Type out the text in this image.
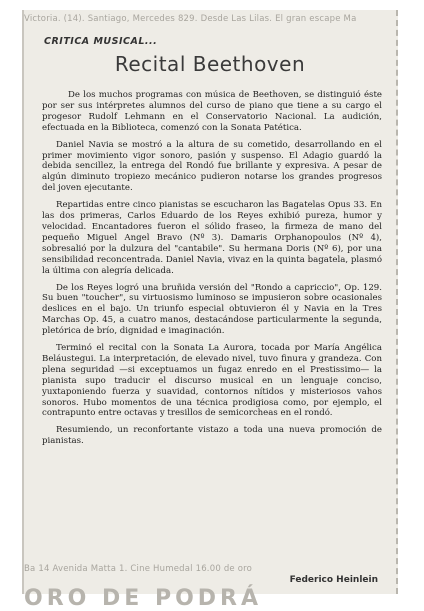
Victoria. (14). Santiago, Mercedes 829. Desde Las Lilas. El gran escape Ma
CRITICA MUSICAL...
Recital Beethoven

De los muchos programas con música de Beethoven, se distinguió éste por ser sus intérpretes alumnos del curso de piano que tiene a su cargo el progesor Rudolf Lehmann en el Conservatorio Nacional. La audición, efectuada en la Biblioteca, comenzó con la Sonata Patética.

Daniel Navia se mostró a la altura de su cometido, desarrollando en el primer movimiento vigor sonoro, pasión y suspenso. El Adagio guardó la debida sencillez, la entrega del Rondó fue brillante y expresiva. A pesar de algún diminuto tropiezo mecánico pudieron notarse los grandes progresos del joven ejecutante.

Repartidas entre cinco pianistas se escucharon las Bagatelas Opus 33. En las dos primeras, Carlos Eduardo de los Reyes exhibió pureza, humor y velocidad. Encantadores fueron el sólido fraseo, la firmeza de mano del pequeño Miguel Angel Bravo (Nº 3). Damaris Orphanopoulos (Nº 4), sobresalió por la dulzura del "cantabile". Su hermana Doris (Nº 6), por una sensibilidad reconcentrada. Daniel Navia, vivaz en la quinta bagatela, plasmó la última con alegría delicada.

De los Reyes logró una bruñida versión del "Rondo a capriccio", Op. 129. Su buen "toucher", su virtuosismo luminoso se impusieron sobre ocasionales deslices en el bajo. Un triunfo especial obtuvieron él y Navia en la Tres Marchas Op. 45, a cuatro manos, destacándose particularmente la segunda, pletórica de brío, dignidad e imaginación.

Terminó el recital con la Sonata La Aurora, tocada por María Angélica Beláustegui. La interpretación, de elevado nivel, tuvo finura y grandeza. Con plena seguridad —si exceptuamos un fugaz enredo en el Prestissimo— la pianista supo traducir el discurso musical en un lenguaje conciso, yuxtaponiendo fuerza y suavidad, contornos nítidos y misteriosos vahos sonoros. Hubo momentos de una técnica prodigiosa como, por ejemplo, el contrapunto entre octavas y tresillos de semicorcheas en el rondó.

Resumiendo, un reconfortante vistazo a toda una nueva promoción de pianistas.

Federico Heinlein
Ba 14 Avenida Matta 1. Cine Humedal 16.00 de oro
ORO DE PODRÁ
